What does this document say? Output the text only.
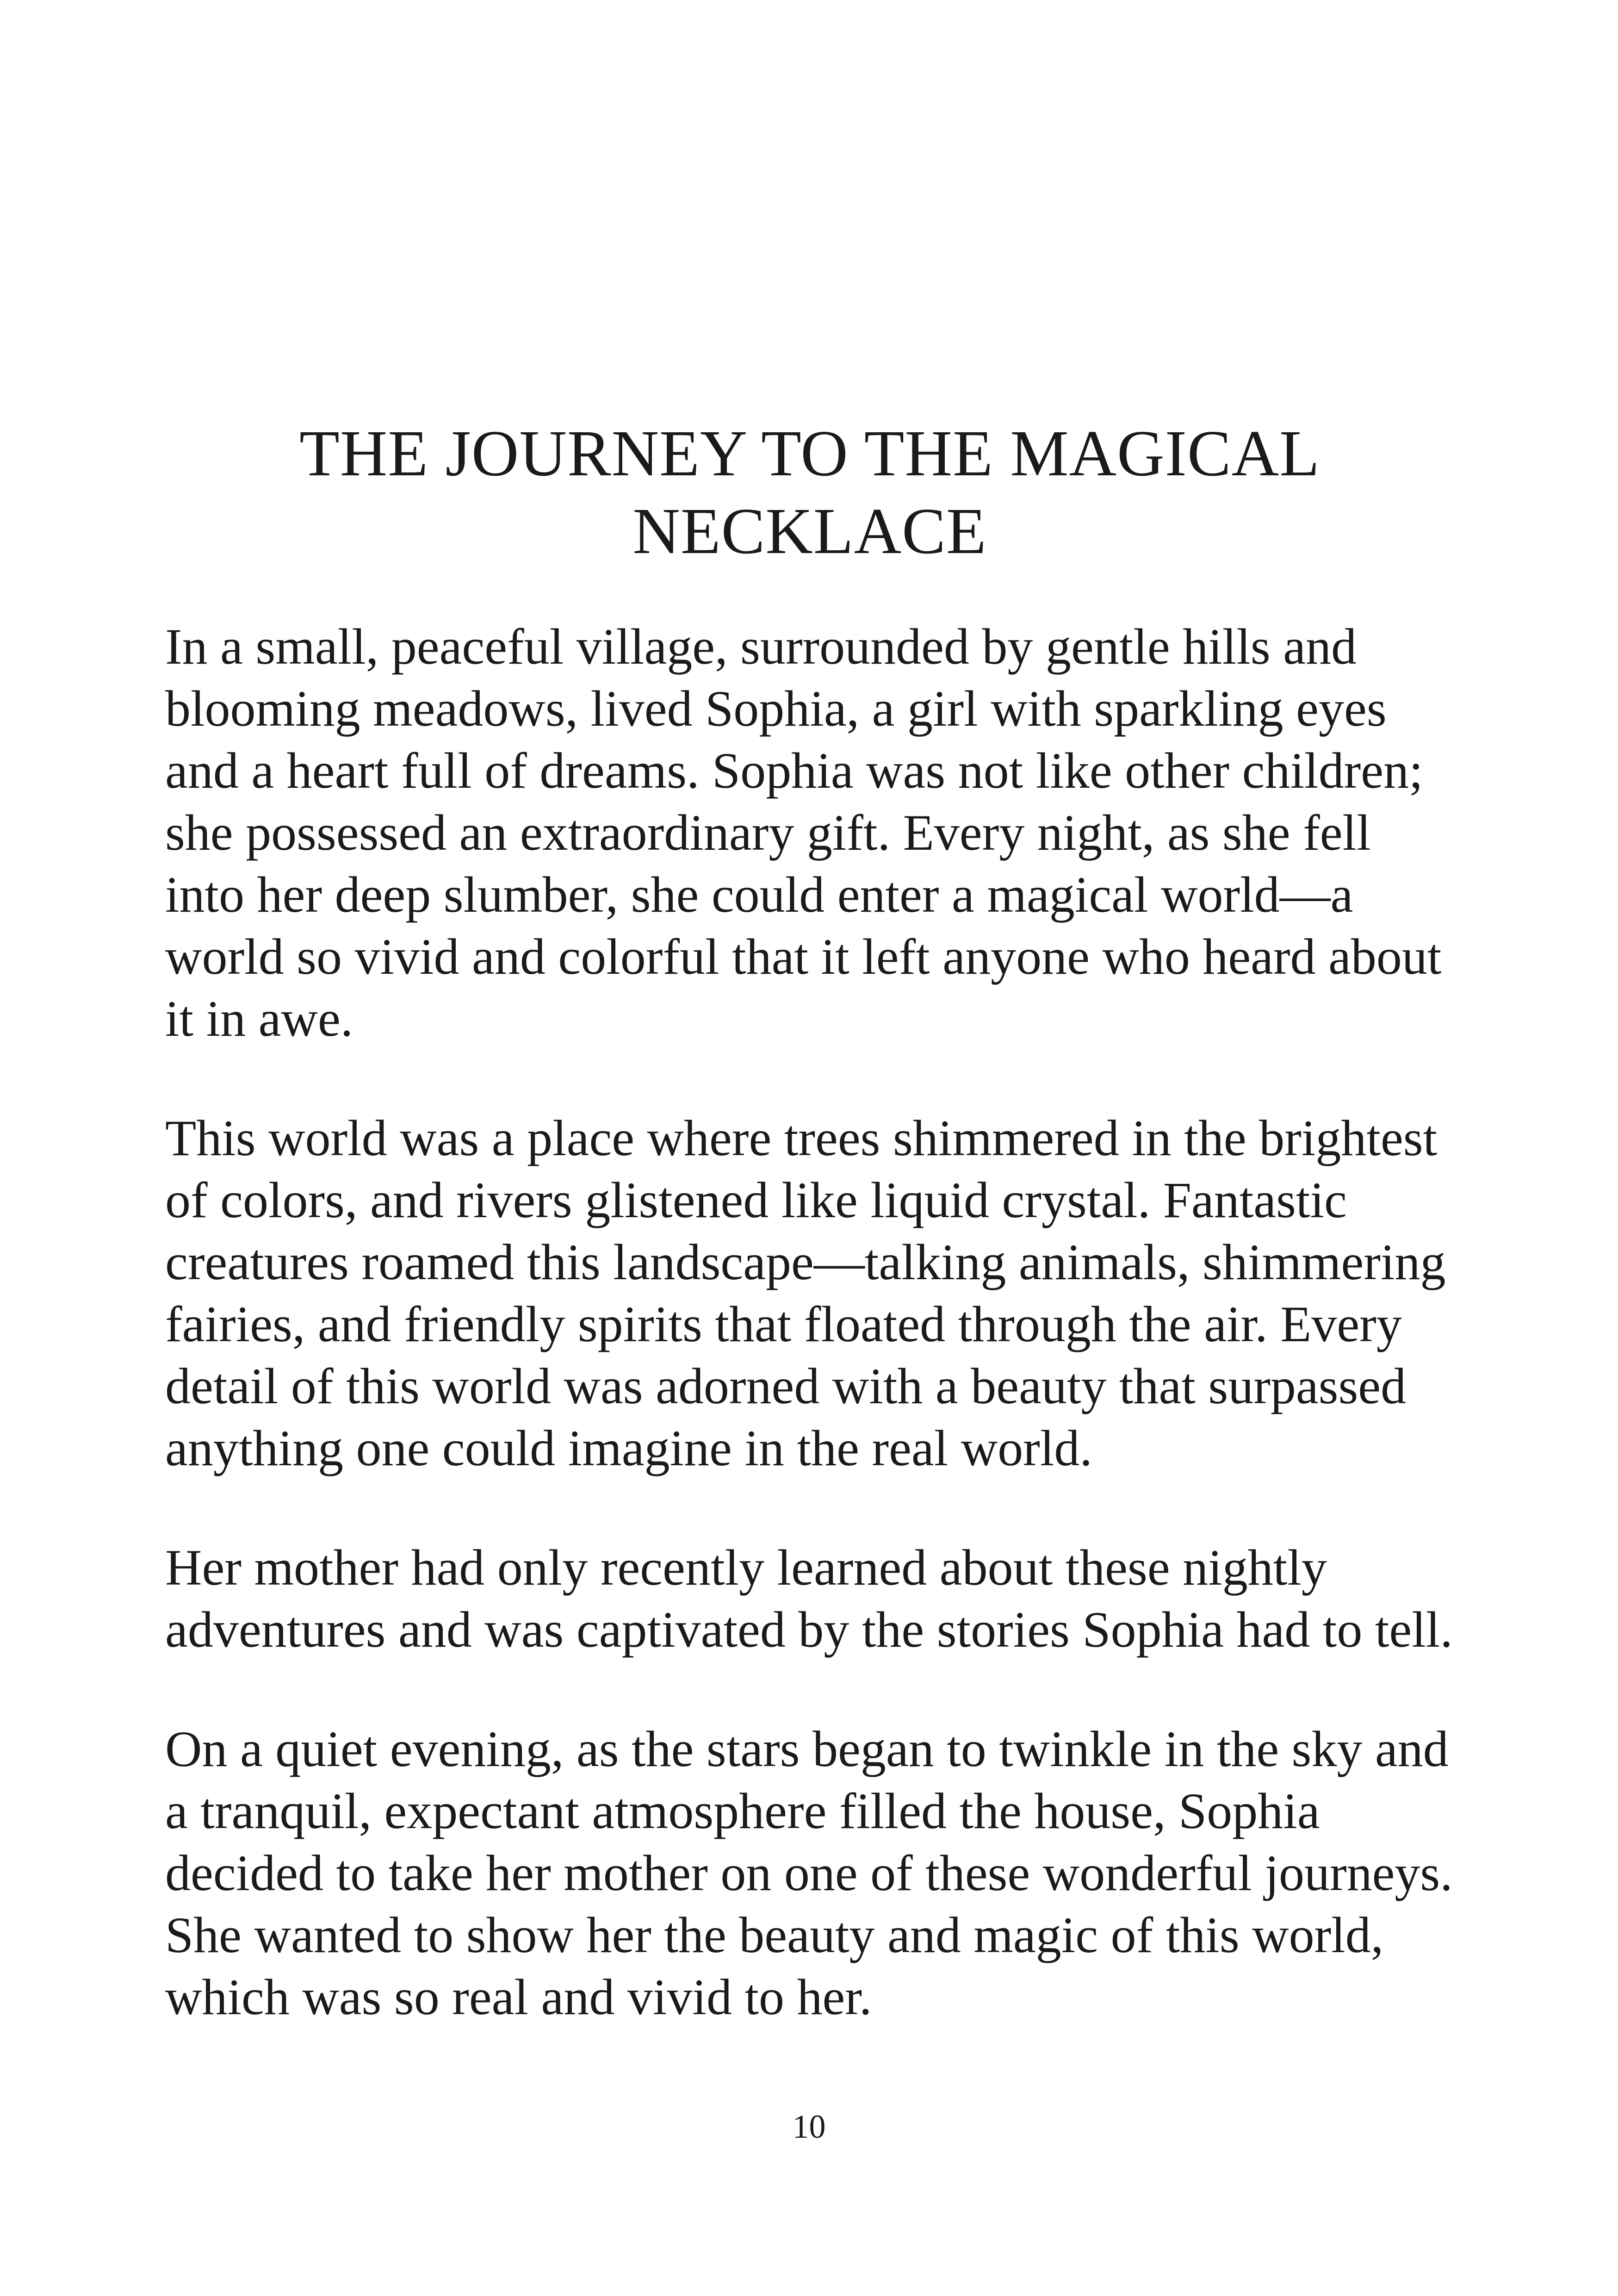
THE JOURNEY TO THE MAGICAL
NECKLACE

In a small, peaceful village, surrounded by gentle hills and blooming meadows, lived Sophia, a girl with sparkling eyes and a heart full of dreams. Sophia was not like other children; she possessed an extraordinary gift. Every night, as she fell into her deep slumber, she could enter a magical world—a world so vivid and colorful that it left anyone who heard about it in awe.

This world was a place where trees shimmered in the brightest of colors, and rivers glistened like liquid crystal. Fantastic creatures roamed this landscape—talking animals, shimmering fairies, and friendly spirits that floated through the air. Every detail of this world was adorned with a beauty that surpassed anything one could imagine in the real world.

Her mother had only recently learned about these nightly adventures and was captivated by the stories Sophia had to tell.

On a quiet evening, as the stars began to twinkle in the sky and a tranquil, expectant atmosphere filled the house, Sophia decided to take her mother on one of these wonderful journeys. She wanted to show her the beauty and magic of this world, which was so real and vivid to her.

10
